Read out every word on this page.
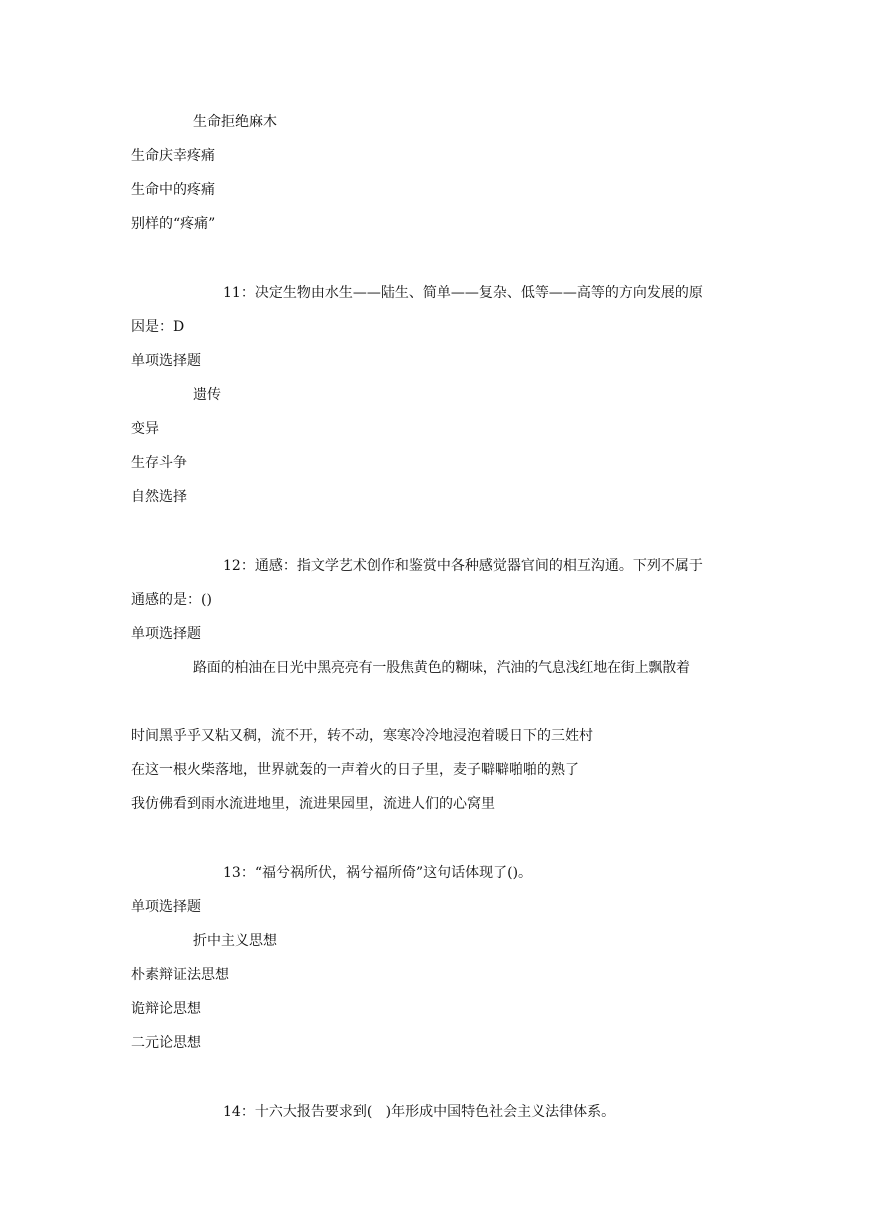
生命拒绝麻木
生命庆幸疼痛
生命中的疼痛
别样的“疼痛”
11：决定生物由水生——陆生、简单——复杂、低等——高等的方向发展的原
因是：D
单项选择题
遗传
变异
生存斗争
自然选择
12：通感：指文学艺术创作和鉴赏中各种感觉器官间的相互沟通。下列不属于
通感的是：()
单项选择题
路面的柏油在日光中黑亮亮有一股焦黄色的糊味，汽油的气息浅红地在街上飘散着
时间黑乎乎又粘又稠，流不开，转不动，寒寒冷冷地浸泡着暖日下的三姓村
在这一根火柴落地，世界就轰的一声着火的日子里，麦子噼噼啪啪的熟了
我仿佛看到雨水流进地里，流进果园里，流进人们的心窝里
13：“福兮祸所伏，祸兮福所倚”这句话体现了()。
单项选择题
折中主义思想
朴素辩证法思想
诡辩论思想
二元论思想
14：十六大报告要求到(   )年形成中国特色社会主义法律体系。
